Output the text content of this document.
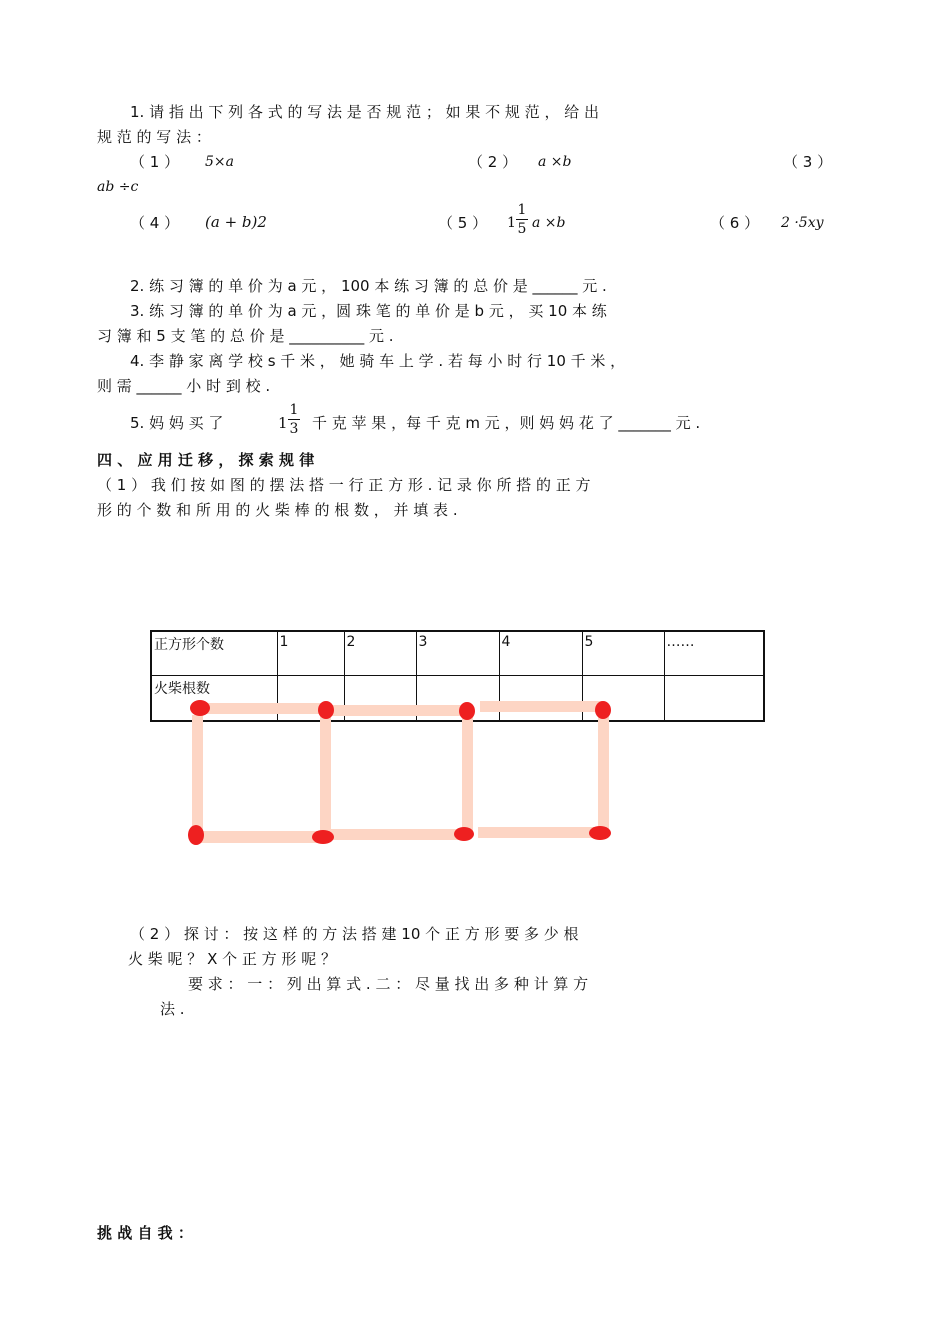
1. 请 指 出 下 列 各 式 的 写 法 是 否 规 范 ； 如 果 不 规 范 ， 给 出
规 范 的 写 法 ：
（ 1 ） 5×a	（ 2 ） a ×b	（ 3 ）
ab ÷c
（ 4 ） (a + b)2	（ 5 ） 1
1
5 a ×b	（ 6 ） 2 ·5xy
2. 练 习 簿 的 单 价 为 a 元 ， 100 本 练 习 簿 的 总 价 是 ______ 元 .
3. 练 习 簿 的 单 价 为 a 元 ，圆 珠 笔 的 单 价 是 b 元 ， 买 10 本 练
习 簿 和 5 支 笔 的 总 价 是 __________ 元 .
4. 李 静 家 离 学 校 s 千 米 ， 她 骑 车 上 学 . 若 每 小 时 行 10 千 米 ，
则 需 ______ 小 时 到 校 .
5. 妈 妈 买 了	1
1
3 千 克 苹 果 ，每 千 克 m 元 ，则 妈 妈 花 了 _______ 元 .
四 、 应 用 迁 移 ， 探 索 规 律
（ 1 ） 我 们 按 如 图 的 摆 法 搭 一 行 正 方 形 . 记 录 你 所 搭 的 正 方
形 的 个 数 和 所 用 的 火 柴 棒 的 根 数 ， 并 填 表 .
正方形个数	1	2	3	4	5	……
火柴根数						
（ 2 ） 探 讨 ： 按 这 样 的 方 法 搭 建 10 个 正 方 形 要 多 少 根
火 柴 呢 ？ X 个 正 方 形 呢 ？
要 求 ： 一 ： 列 出 算 式 . 二 ： 尽 量 找 出 多 种 计 算 方
法 .
挑 战 自 我 ：
